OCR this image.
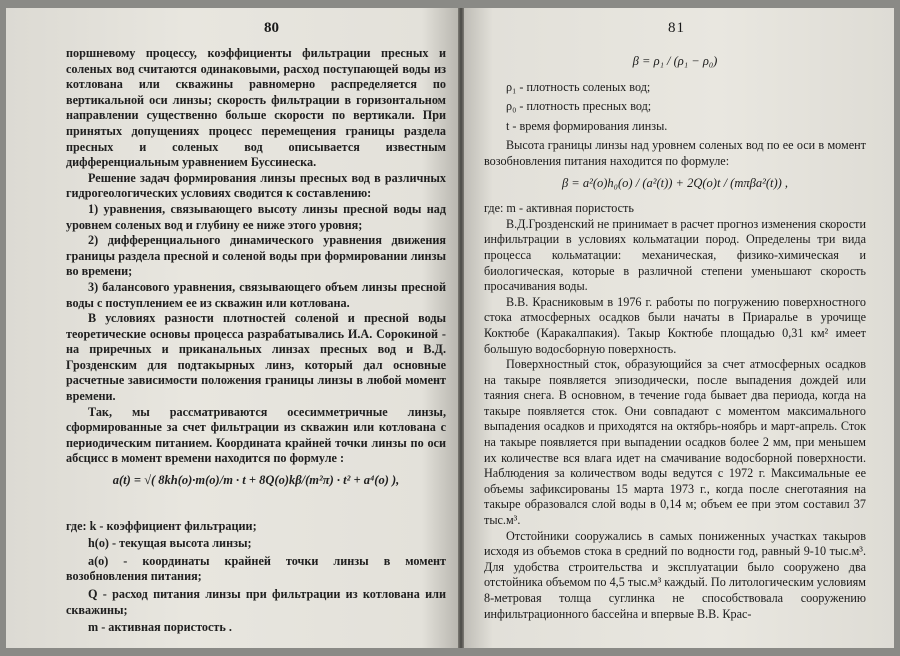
80

поршневому процессу, коэффициенты фильтрации пресных и соленых вод считаются одинаковыми, расход поступающей воды из котлована или скважины равномерно распределяется по вертикальной оси линзы; скорость фильтрации в горизонтальном направлении существенно больше скорости по вертикали. При принятых допущениях процесс перемещения границы раздела пресных и соленых вод описывается известным дифференциальным уравнением Буссинеска.

Решение задач формирования линзы пресных вод в различных гидрогеологических условиях сводится к составлению:

1) уравнения, связывающего высоту линзы пресной воды над уровнем соленых вод и глубину ее ниже этого уровня;

2) дифференциального динамического уравнения движения границы раздела пресной и соленой воды при формировании линзы во времени;

3) балансового уравнения, связывающего объем линзы пресной воды с поступлением ее из скважин или котлована.

В условиях разности плотностей соленой и пресной воды теоретические основы процесса разрабатывались И.А. Сорокиной - на приречных и приканальных линзах пресных вод и В.Д. Грозденским для подтакырных линз, который дал основные расчетные зависимости положения границы линзы в любой момент времени.

Так, мы рассматриваются осесимметричные линзы, сформированные за счет фильтрации из скважин или котлована с периодическим питанием. Координата крайней точки линзы по оси абсцисс в момент времени находится по формуле :

a(t) = √( 8kh(o)·m(o)/m · t + 8Q(o)kβ/(m²π) · t² + a⁴(o) ),

где: k - коэффициент фильтрации;

h(o) - текущая высота линзы;

a(o) - координаты крайней точки линзы в момент возобновления питания;

Q - расход питания линзы при фильтрации из котлована или скважины;

m - активная пористость .

81
β = ρ₁ / (ρ₁ − ρ₀)

ρ₁ - плотность соленых вод;

ρ₀ - плотность пресных вод;

t - время формирования линзы.

Высота границы линзы над уровнем соленых вод по ее оси в момент возобновления питания находится по формуле:

β = a²(o)h₀(o) / (a²(t)) + 2Q(o)t / (mπβa²(t)) ,

где: m - активная пористость

В.Д.Грозденский не принимает в расчет прогноз изменения скорости инфильтрации в условиях кольматации пород. Определены три вида процесса кольматации: механическая, физико-химическая и биологическая, которые в различной степени уменьшают скорость просачивания воды.

В.В. Красниковым в 1976 г. работы по погружению поверхностного стока атмосферных осадков были начаты в Приаралье в урочище Коктюбе (Каракалпакия). Такыр Коктюбе площадью 0,31 км² имеет большую водосборную поверхность.

Поверхностный сток, образующийся за счет атмосферных осадков на такыре появляется эпизодически, после выпадения дождей или таяния снега. В основном, в течение года бывает два периода, когда на такыре появляется сток. Они совпадают с моментом максимального выпадения осадков и приходятся на октябрь-ноябрь и март-апрель. Сток на такыре появляется при выпадении осадков более 2 мм, при меньшем их количестве вся влага идет на смачивание водосборной поверхности. Наблюдения за количеством воды ведутся с 1972 г. Максимальные ее объемы зафиксированы 15 марта 1973 г., когда после снеготаяния на такыре образовался слой воды в 0,14 м; объем ее при этом составил 37 тыс.м³.

Отстойники сооружались в самых пониженных участках такыров исходя из объемов стока в средний по водности год, равный 9-10 тыс.м³. Для удобства строительства и эксплуатации было сооружено два отстойника объемом по 4,5 тыс.м³ каждый. По литологическим условиям 8-метровая толща суглинка не способствовала сооружению инфильтрационного бассейна и впервые В.В. Крас-
